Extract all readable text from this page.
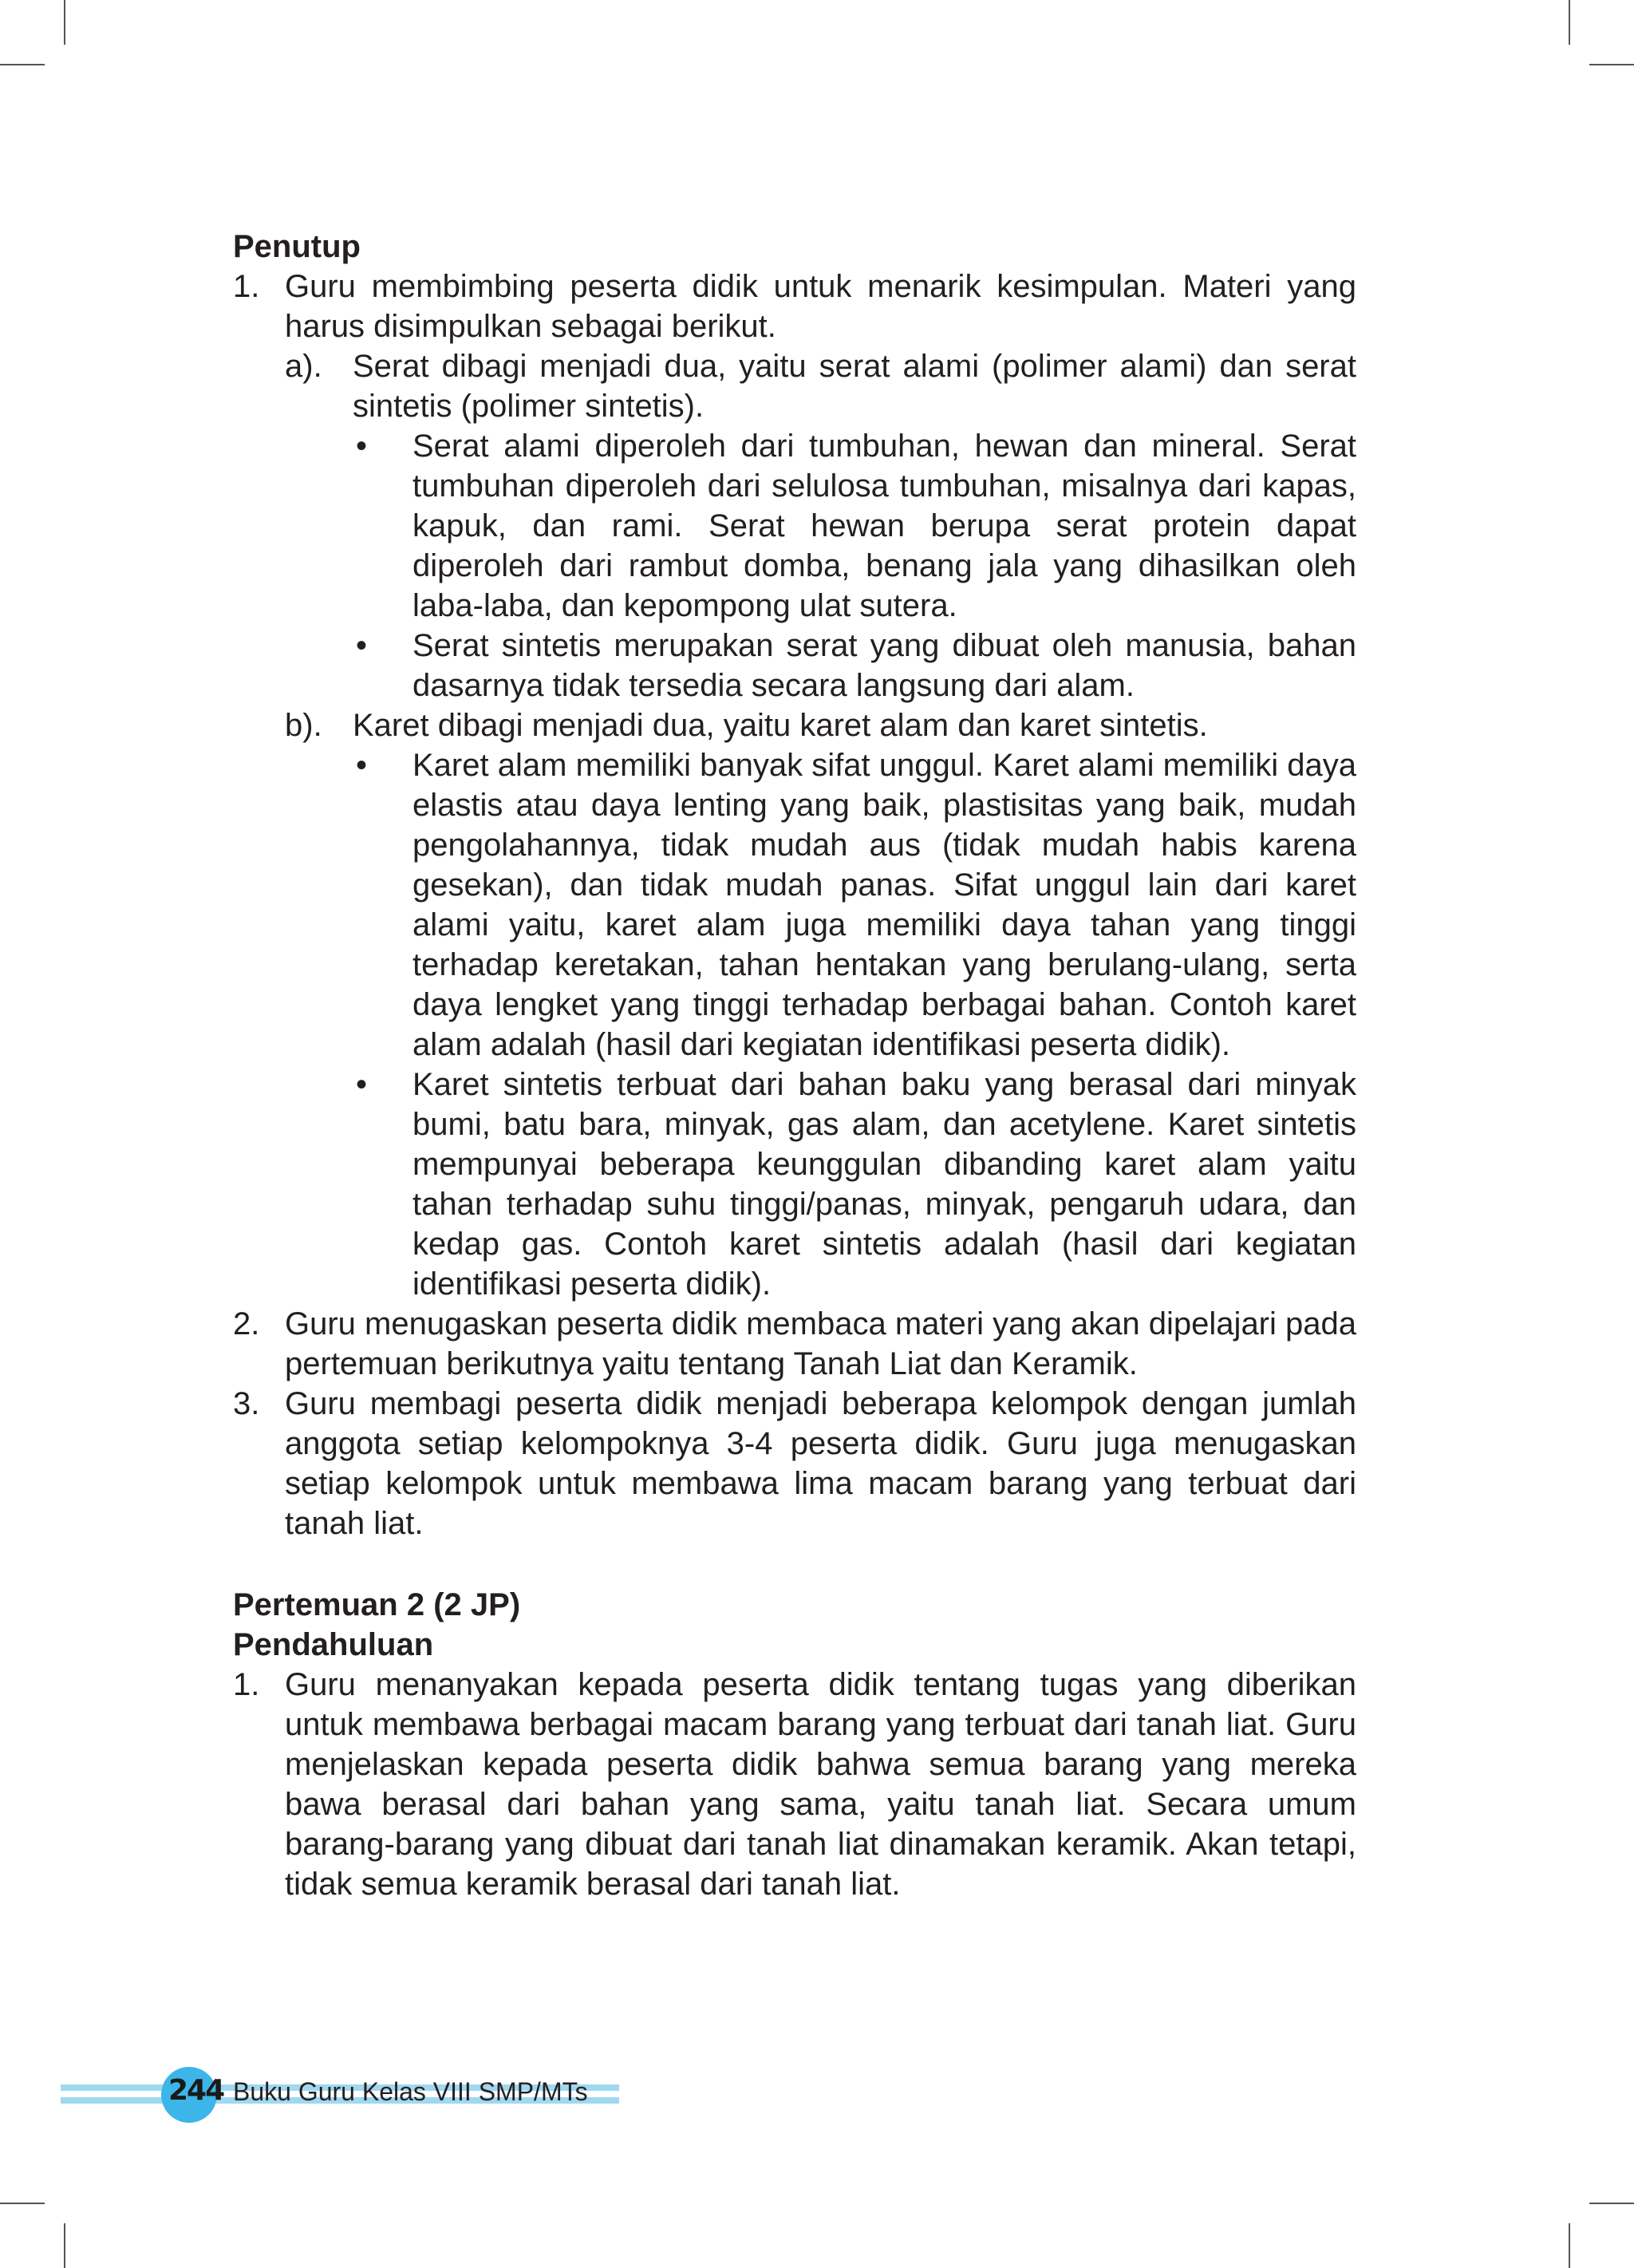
Penutup
1. Guru membimbing peserta didik untuk menarik kesimpulan. Materi yang harus disimpulkan sebagai berikut.
a). Serat dibagi menjadi dua, yaitu serat alami (polimer alami) dan serat sintetis (polimer sintetis).
• Serat alami diperoleh dari tumbuhan, hewan dan mineral. Serat tumbuhan diperoleh dari selulosa tumbuhan, misalnya dari kapas, kapuk, dan rami. Serat hewan berupa serat protein dapat diperoleh dari rambut domba, benang jala yang dihasilkan oleh laba-laba, dan kepompong ulat sutera.
• Serat sintetis merupakan serat yang dibuat oleh manusia, bahan dasarnya tidak tersedia secara langsung dari alam.
b). Karet dibagi menjadi dua, yaitu karet alam dan karet sintetis.
• Karet alam memiliki banyak sifat unggul. Karet alami memiliki daya elastis atau daya lenting yang baik, plastisitas yang baik, mudah pengolahannya, tidak mudah aus (tidak mudah habis karena gesekan), dan tidak mudah panas. Sifat unggul lain dari karet alami yaitu, karet alam juga memiliki daya tahan yang tinggi terhadap keretakan, tahan hentakan yang berulang-ulang, serta daya lengket yang tinggi terhadap berbagai bahan. Contoh karet alam adalah (hasil dari kegiatan identifikasi peserta didik).
• Karet sintetis terbuat dari bahan baku yang berasal dari minyak bumi, batu bara, minyak, gas alam, dan acetylene. Karet sintetis mempunyai beberapa keunggulan dibanding karet alam yaitu tahan terhadap suhu tinggi/panas, minyak, pengaruh udara, dan kedap gas. Contoh karet sintetis adalah (hasil dari kegiatan identifikasi peserta didik).
2. Guru menugaskan peserta didik membaca materi yang akan dipelajari pada pertemuan berikutnya yaitu tentang Tanah Liat dan Keramik.
3. Guru membagi peserta didik menjadi beberapa kelompok dengan jumlah anggota setiap kelompoknya 3-4 peserta didik. Guru juga menugaskan setiap kelompok untuk membawa lima macam barang yang terbuat dari tanah liat.
Pertemuan 2 (2 JP)
Pendahuluan
1. Guru menanyakan kepada peserta didik tentang tugas yang diberikan untuk membawa berbagai macam barang yang terbuat dari tanah liat. Guru menjelaskan kepada peserta didik bahwa semua barang yang mereka bawa berasal dari bahan yang sama, yaitu tanah liat. Secara umum barang-barang yang dibuat dari tanah liat dinamakan keramik. Akan tetapi, tidak semua keramik berasal dari tanah liat.
244 Buku Guru Kelas VIII SMP/MTs
